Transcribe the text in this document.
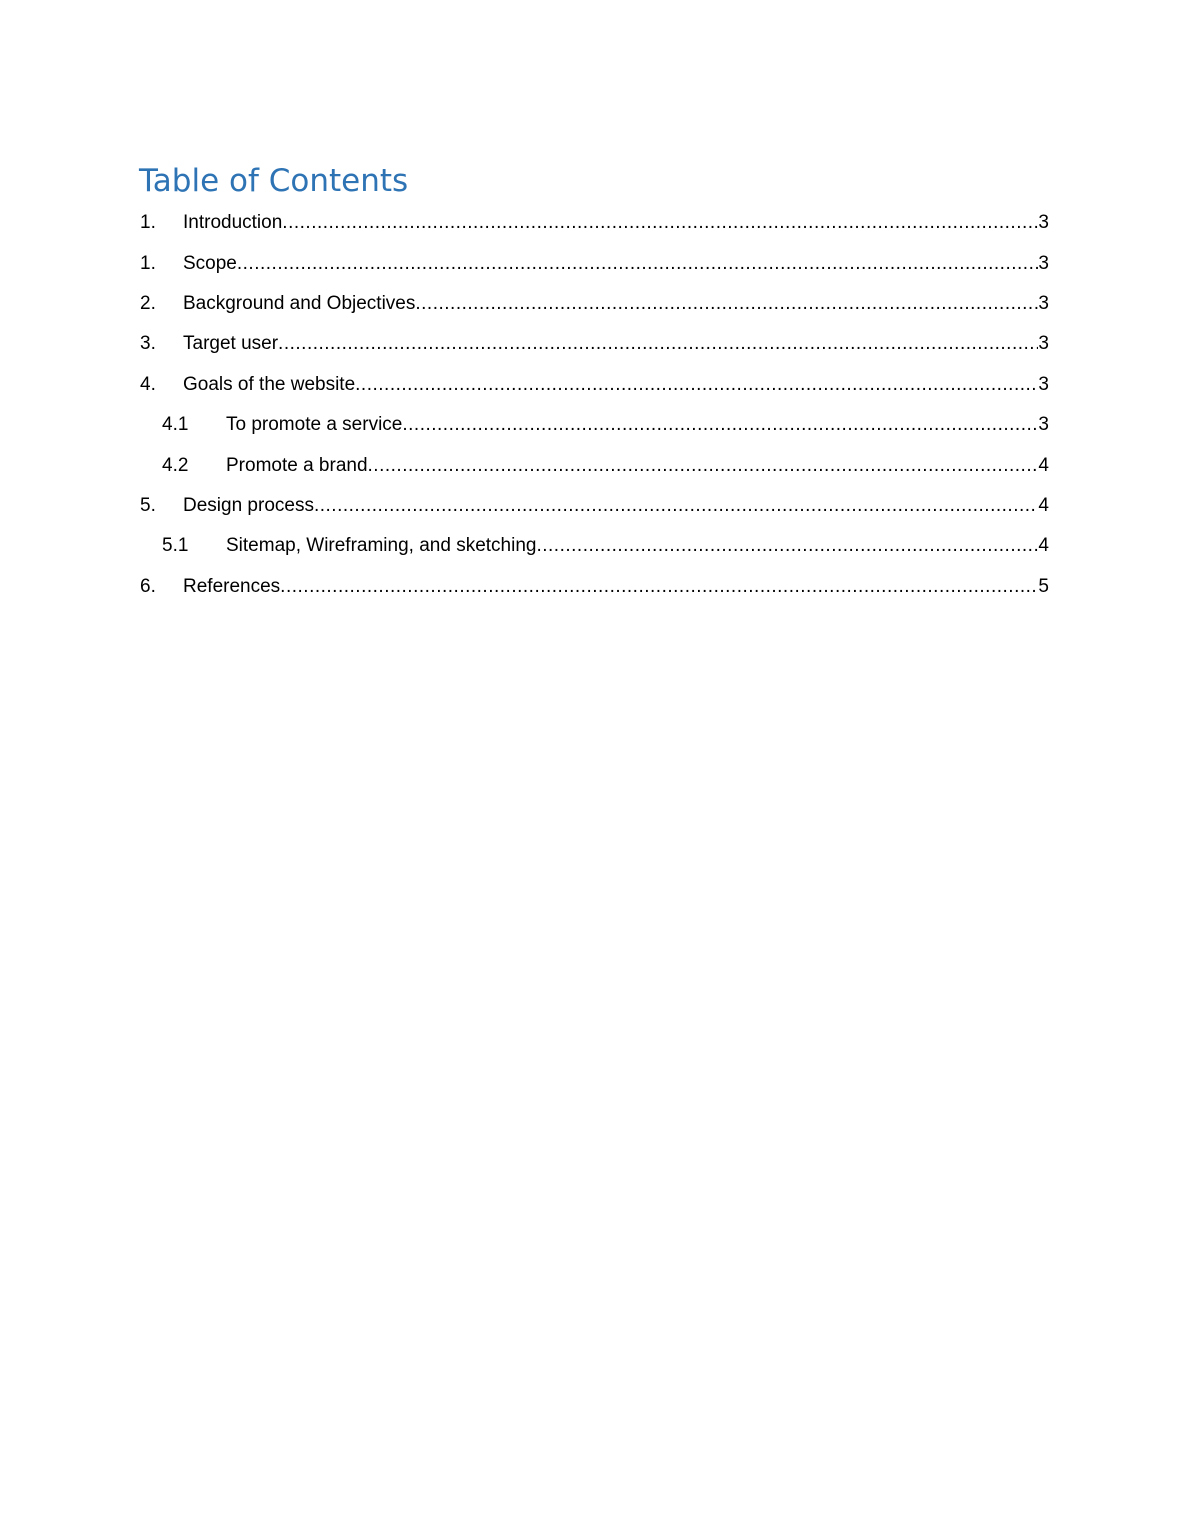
Table of Contents
1.	Introduction .....	3
1.	Scope .....	3
2.	Background and Objectives .....	3
3.	Target user .....	3
4.	Goals of the website .....	3
4.1	To promote a service .....	3
4.2	Promote a brand .....	4
5.	Design process .....	4
5.1	Sitemap, Wireframing, and sketching .....	4
6.	References .....	5
